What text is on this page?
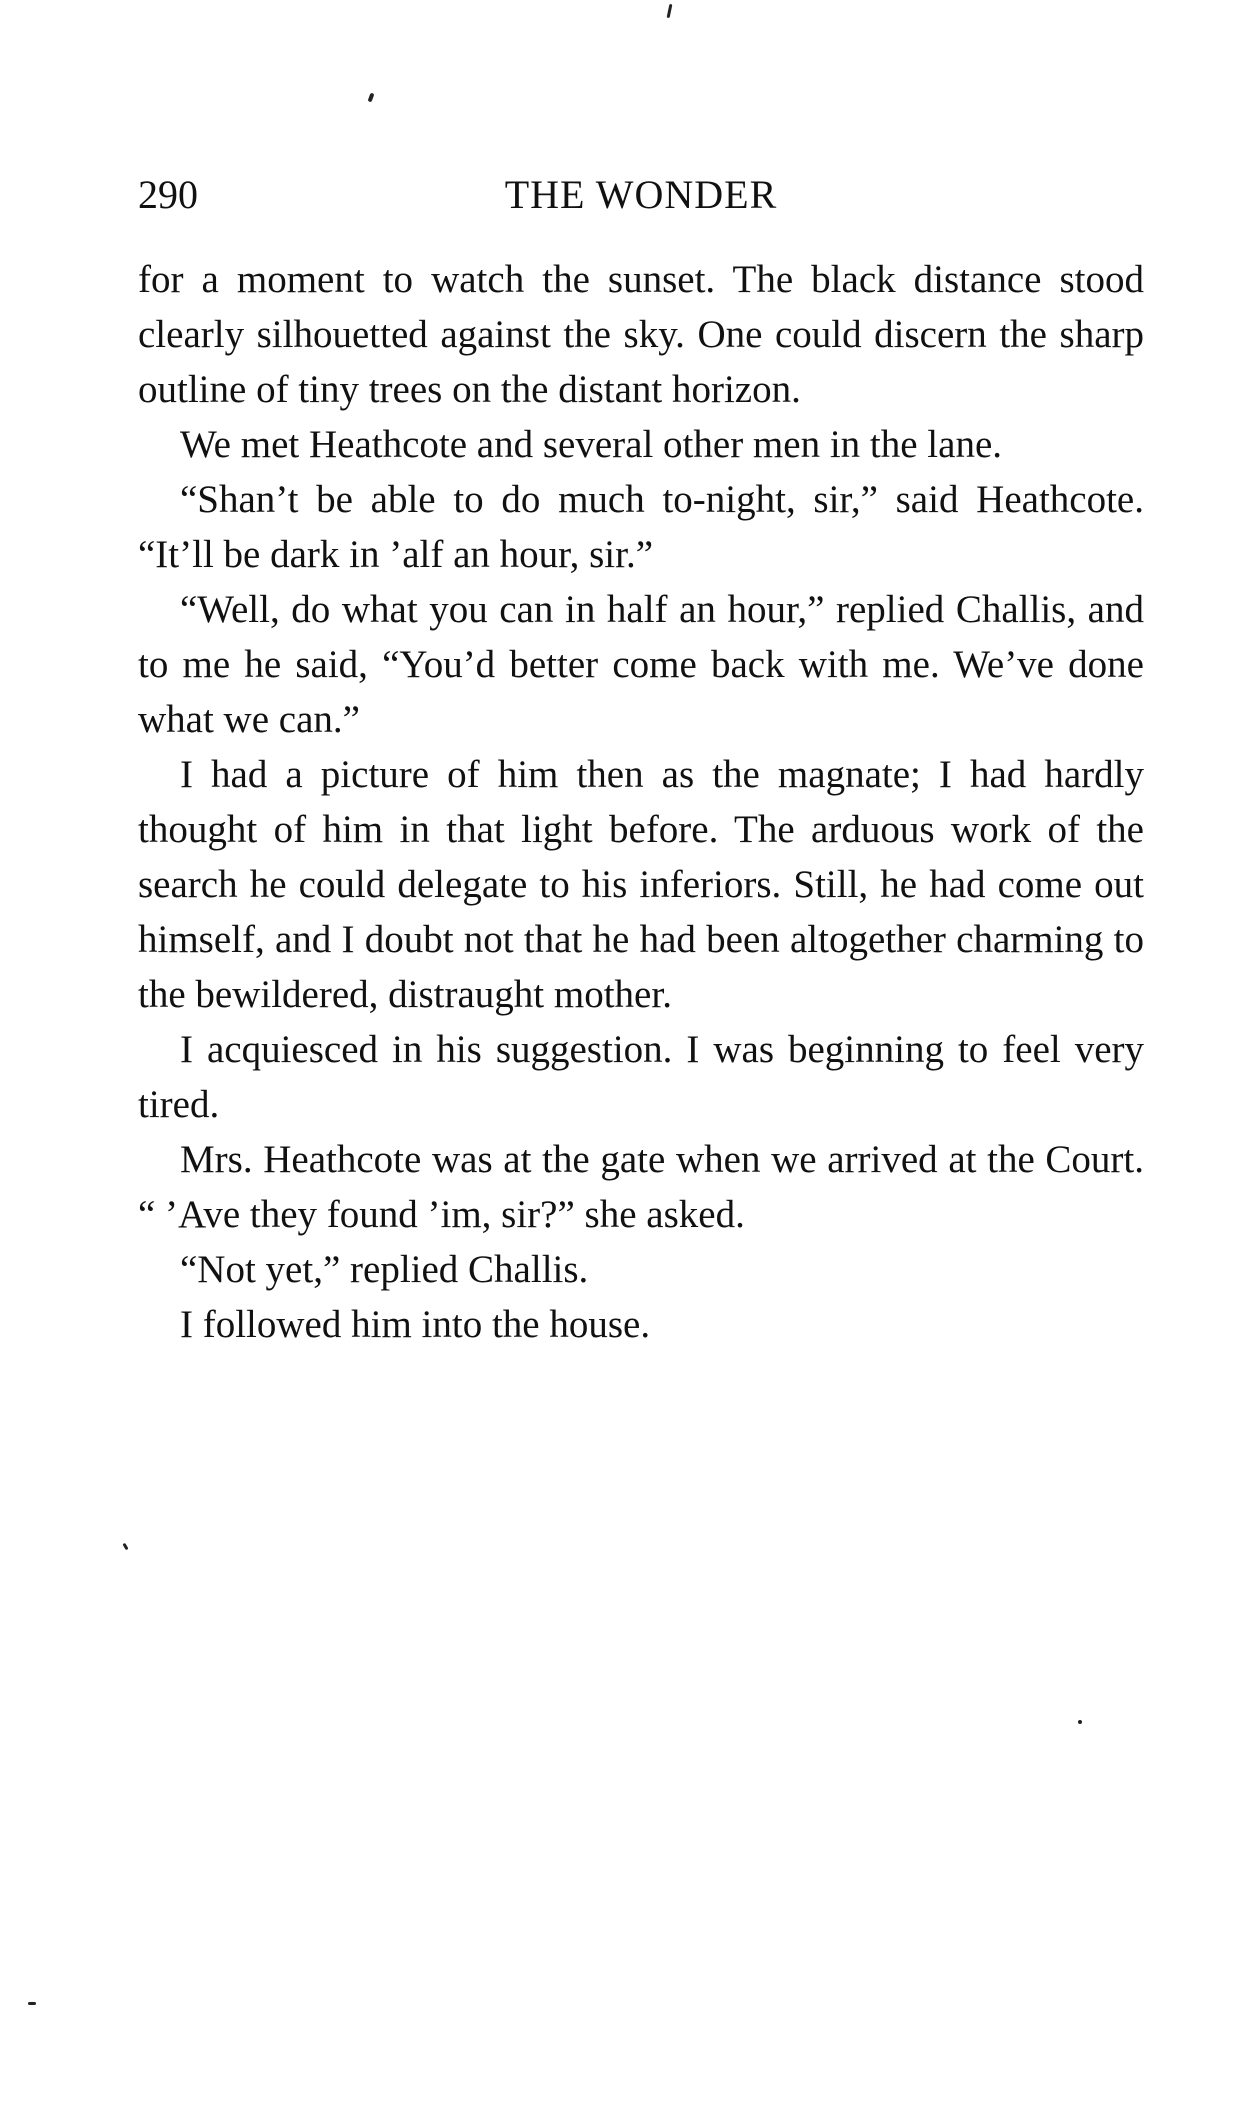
290	THE WONDER

for a moment to watch the sunset. The black distance stood clearly silhouetted against the sky. One could discern the sharp outline of tiny trees on the distant horizon.

We met Heathcote and several other men in the lane.

“Shan’t be able to do much to-night, sir,” said Heathcote. “It’ll be dark in ’alf an hour, sir.”

“Well, do what you can in half an hour,” replied Challis, and to me he said, “You’d better come back with me. We’ve done what we can.”

I had a picture of him then as the magnate; I had hardly thought of him in that light before. The arduous work of the search he could delegate to his inferiors. Still, he had come out himself, and I doubt not that he had been altogether charming to the bewildered, distraught mother.

I acquiesced in his suggestion. I was beginning to feel very tired.

Mrs. Heathcote was at the gate when we arrived at the Court. “ ’Ave they found ’im, sir?” she asked.

“Not yet,” replied Challis.

I followed him into the house.
